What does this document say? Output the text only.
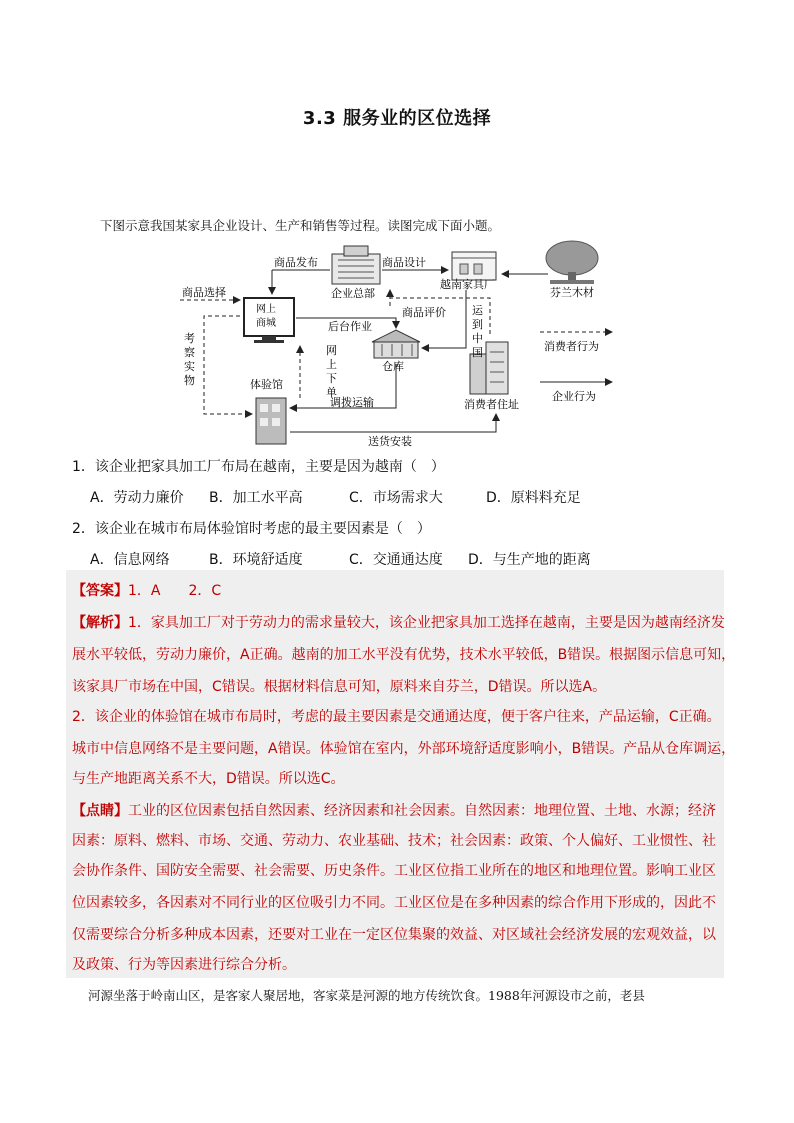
3.3 服务业的区位选择
下图示意我国某家具企业设计、生产和销售等过程。读图完成下面小题。
企业总部
越南家具厂
芬兰木材
网上
商城
仓库
消费者住址
体验馆
商品发布	商品设计
商品选择
商品评价
后台作业
运
到
中
国
考
察
实
物
网
上
下
单
调拨运输
送货安装
消费者行为
企业行为
1．该企业把家具加工厂布局在越南，主要是因为越南（　）
A．劳动力廉价 B．加工水平高	C．市场需求大	D．原料料充足
2．该企业在城市布局体验馆时考虑的最主要因素是（　）
A．信息网络	B．环境舒适度	C．交通通达度 D．与生产地的距离
【答案】1．A　　2．C
【解析】1．家具加工厂对于劳动力的需求量较大，该企业把家具加工选择在越南，主要是因为越南经济发
展水平较低，劳动力廉价，A正确。越南的加工水平没有优势，技术水平较低，B错误。根据图示信息可知，
该家具厂市场在中国，C错误。根据材料信息可知，原料来自芬兰，D错误。所以选A。
2．该企业的体验馆在城市布局时，考虑的最主要因素是交通通达度，便于客户往来，产品运输，C正确。
城市中信息网络不是主要问题，A错误。体验馆在室内，外部环境舒适度影响小，B错误。产品从仓库调运，
与生产地距离关系不大，D错误。所以选C。
【点睛】工业的区位因素包括自然因素、经济因素和社会因素。自然因素：地理位置、土地、水源；经济
因素：原料、燃料、市场、交通、劳动力、农业基础、技术；社会因素：政策、个人偏好、工业惯性、社
会协作条件、国防安全需要、社会需要、历史条件。工业区位指工业所在的地区和地理位置。影响工业区
位因素较多，各因素对不同行业的区位吸引力不同。工业区位是在多种因素的综合作用下形成的，因此不
仅需要综合分析多种成本因素，还要对工业在一定区位集聚的效益、对区域社会经济发展的宏观效益，以
及政策、行为等因素进行综合分析。
河源坐落于岭南山区，是客家人聚居地，客家菜是河源的地方传统饮食。1988年河源设市之前，老县
